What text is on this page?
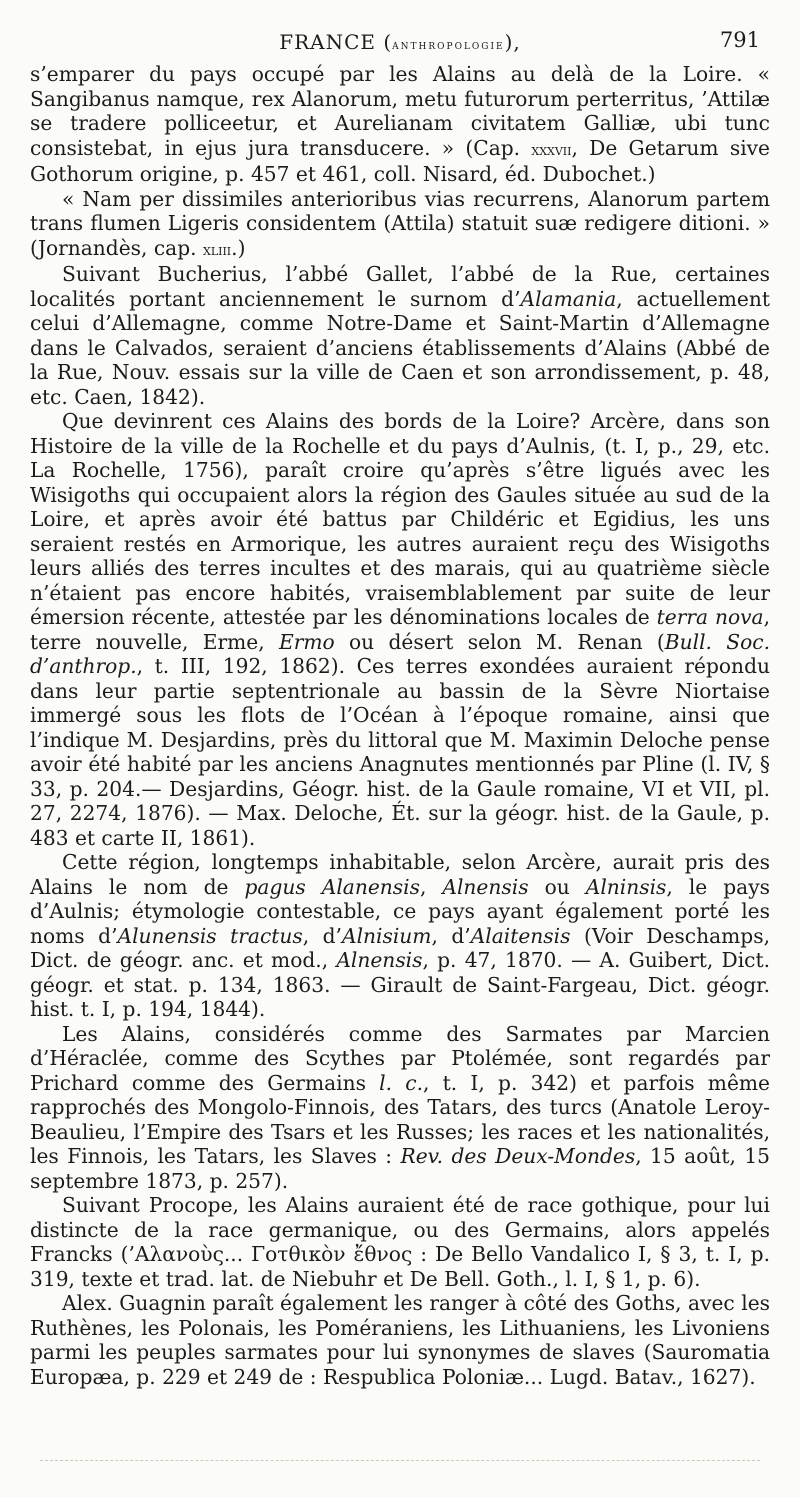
FRANCE (anthropologie),	791

s’emparer du pays occupé par les Alains au delà de la Loire. « Sangibanus namque, rex Alanorum, metu futurorum perterritus, ’Attilæ se tradere polliceetur, et Aurelianam civitatem Galliæ, ubi tunc consistebat, in ejus jura transducere. » (Cap. xxxvii, De Getarum sive Gothorum origine, p. 457 et 461, coll. Nisard, éd. Dubochet.)

« Nam per dissimiles anterioribus vias recurrens, Alanorum partem trans flumen Ligeris considentem (Attila) statuit suæ redigere ditioni. » (Jornandès, cap. xliii.)

Suivant Bucherius, l’abbé Gallet, l’abbé de la Rue, certaines localités portant anciennement le surnom d’Alamania, actuellement celui d’Allemagne, comme Notre-Dame et Saint-Martin d’Allemagne dans le Calvados, seraient d’anciens établissements d’Alains (Abbé de la Rue, Nouv. essais sur la ville de Caen et son arrondissement, p. 48, etc. Caen, 1842).

Que devinrent ces Alains des bords de la Loire? Arcère, dans son Histoire de la ville de la Rochelle et du pays d’Aulnis, (t. I, p., 29, etc. La Rochelle, 1756), paraît croire qu’après s’être ligués avec les Wisigoths qui occupaient alors la région des Gaules située au sud de la Loire, et après avoir été battus par Childéric et Egidius, les uns seraient restés en Armorique, les autres auraient reçu des Wisigoths leurs alliés des terres incultes et des marais, qui au quatrième siècle n’étaient pas encore habités, vraisemblablement par suite de leur émersion récente, attestée par les dénominations locales de terra nova, terre nouvelle, Erme, Ermo ou désert selon M. Renan (Bull. Soc. d’anthrop., t. III, 192, 1862). Ces terres exondées auraient répondu dans leur partie septentrionale au bassin de la Sèvre Niortaise immergé sous les flots de l’Océan à l’époque romaine, ainsi que l’indique M. Desjardins, près du littoral que M. Maximin Deloche pense avoir été habité par les anciens Anagnutes mentionnés par Pline (l. IV, § 33, p. 204.— Desjardins, Géogr. hist. de la Gaule romaine, VI et VII, pl. 27, 2274, 1876). — Max. Deloche, Ét. sur la géogr. hist. de la Gaule, p. 483 et carte II, 1861).

Cette région, longtemps inhabitable, selon Arcère, aurait pris des Alains le nom de pagus Alanensis, Alnensis ou Alninsis, le pays d’Aulnis; étymologie contestable, ce pays ayant également porté les noms d’Alunensis tractus, d’Alnisium, d’Alaitensis (Voir Deschamps, Dict. de géogr. anc. et mod., Alnensis, p. 47, 1870. — A. Guibert, Dict. géogr. et stat. p. 134, 1863. — Girault de Saint-Fargeau, Dict. géogr. hist. t. I, p. 194, 1844).

Les Alains, considérés comme des Sarmates par Marcien d’Héraclée, comme des Scythes par Ptolémée, sont regardés par Prichard comme des Germains l. c., t. I, p. 342) et parfois même rapprochés des Mongolo-Finnois, des Tatars, des turcs (Anatole Leroy-Beaulieu, l’Empire des Tsars et les Russes; les races et les nationalités, les Finnois, les Tatars, les Slaves : Rev. des Deux-Mondes, 15 août, 15 septembre 1873, p. 257).

Suivant Procope, les Alains auraient été de race gothique, pour lui distincte de la race germanique, ou des Germains, alors appelés Francks (’Αλανοὺς... Γοτθικὸν ἔθνος : De Bello Vandalico I, § 3, t. I, p. 319, texte et trad. lat. de Niebuhr et De Bell. Goth., l. I, § 1, p. 6).

Alex. Guagnin paraît également les ranger à côté des Goths, avec les Ruthènes, les Polonais, les Poméraniens, les Lithuaniens, les Livoniens parmi les peuples sarmates pour lui synonymes de slaves (Sauromatia Europæa, p. 229 et 249 de : Respublica Poloniæ... Lugd. Batav., 1627).
